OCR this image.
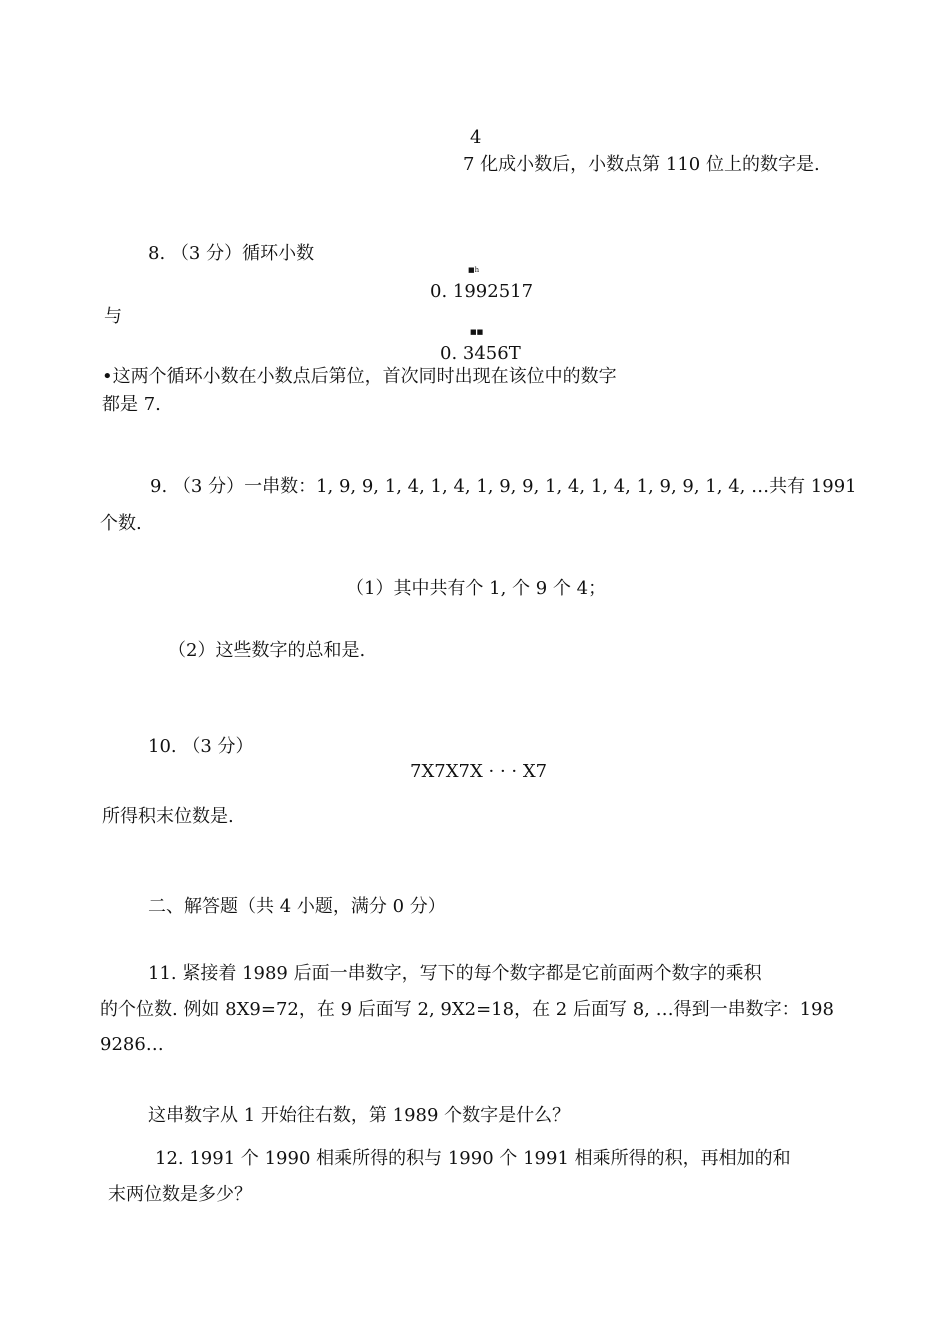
4
7 化成小数后，小数点第 110 位上的数字是.
8. （3 分）循环小数
■h
0. 1992517
与
■■
0. 3456T
•这两个循环小数在小数点后第位，首次同时出现在该位中的数字
都是 7.
9. （3 分）一串数：1, 9, 9, 1, 4, 1, 4, 1, 9, 9, 1, 4, 1, 4, 1, 9, 9, 1, 4, …共有 1991
个数.
（1）其中共有个 1, 个 9 个 4；
（2）这些数字的总和是.
10. （3 分）
7X7X7X · · · X7
所得积末位数是.
二、解答题（共 4 小题，满分 0 分）
11. 紧接着 1989 后面一串数字，写下的每个数字都是它前面两个数字的乘积
的个位数. 例如 8X9=72，在 9 后面写 2, 9X2=18，在 2 后面写 8, …得到一串数字：198
9286…
这串数字从 1 开始往右数，第 1989 个数字是什么？
12. 1991 个 1990 相乘所得的积与 1990 个 1991 相乘所得的积，再相加的和
末两位数是多少？
